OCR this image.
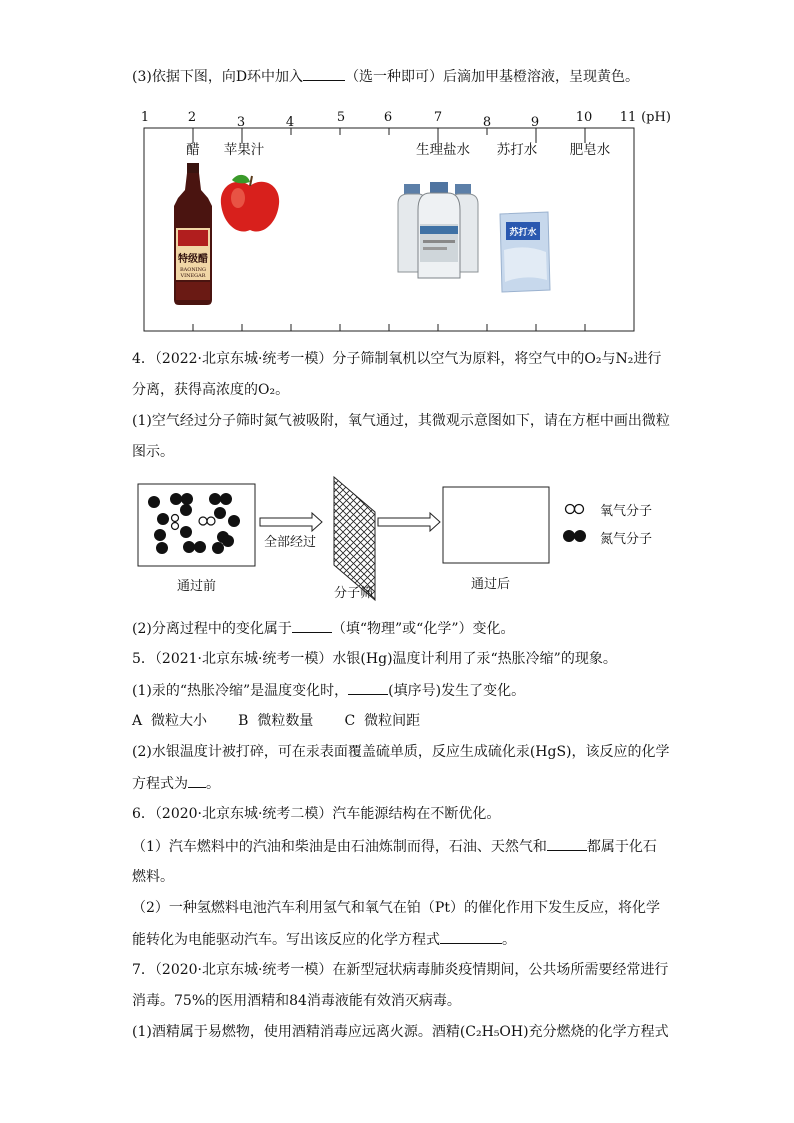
(3)依据下图，向D环中加入	（选一种即可）后滴加甲基橙溶液，呈现黄色。
1	2	3	4	5	6	7	8	9	10 11 (pH)
醋 苹果汁	生理盐水 苏打水 肥皂水
特级醋
BAONING
VINEGAR
苏打水
4．（2022·北京东城·统考一模）分子筛制氧机以空气为原料，将空气中的O₂与N₂进行
分离，获得高浓度的O₂。
(1)空气经过分子筛时氮气被吸附，氧气通过，其微观示意图如下，请在方框中画出微粒
图示。
全部经过
通过前	分子筛
通过后
氧气分子
氮气分子
(2)分离过程中的变化属于	（填“物理”或“化学”）变化。
5．（2021·北京东城·统考一模）水银(Hg)温度计利用了汞“热胀冷缩”的现象。
(1)汞的“热胀冷缩”是温度变化时，	(填序号)发生了变化。
A  微粒大小       B  微粒数量       C  微粒间距
(2)水银温度计被打碎，可在汞表面覆盖硫单质，反应生成硫化汞(HgS)，该反应的化学
方程式为 。
6．（2020·北京东城·统考二模）汽车能源结构在不断优化。
（1）汽车燃料中的汽油和柴油是由石油炼制而得，石油、天然气和	都属于化石
燃料。
（2）一种氢燃料电池汽车利用氢气和氧气在铂（Pt）的催化作用下发生反应，将化学
能转化为电能驱动汽车。写出该反应的化学方程式	。
7．（2020·北京东城·统考一模）在新型冠状病毒肺炎疫情期间，公共场所需要经常进行
消毒。75%的医用酒精和84消毒液能有效消灭病毒。
(1)酒精属于易燃物，使用酒精消毒应远离火源。酒精(C₂H₅OH)充分燃烧的化学方程式
